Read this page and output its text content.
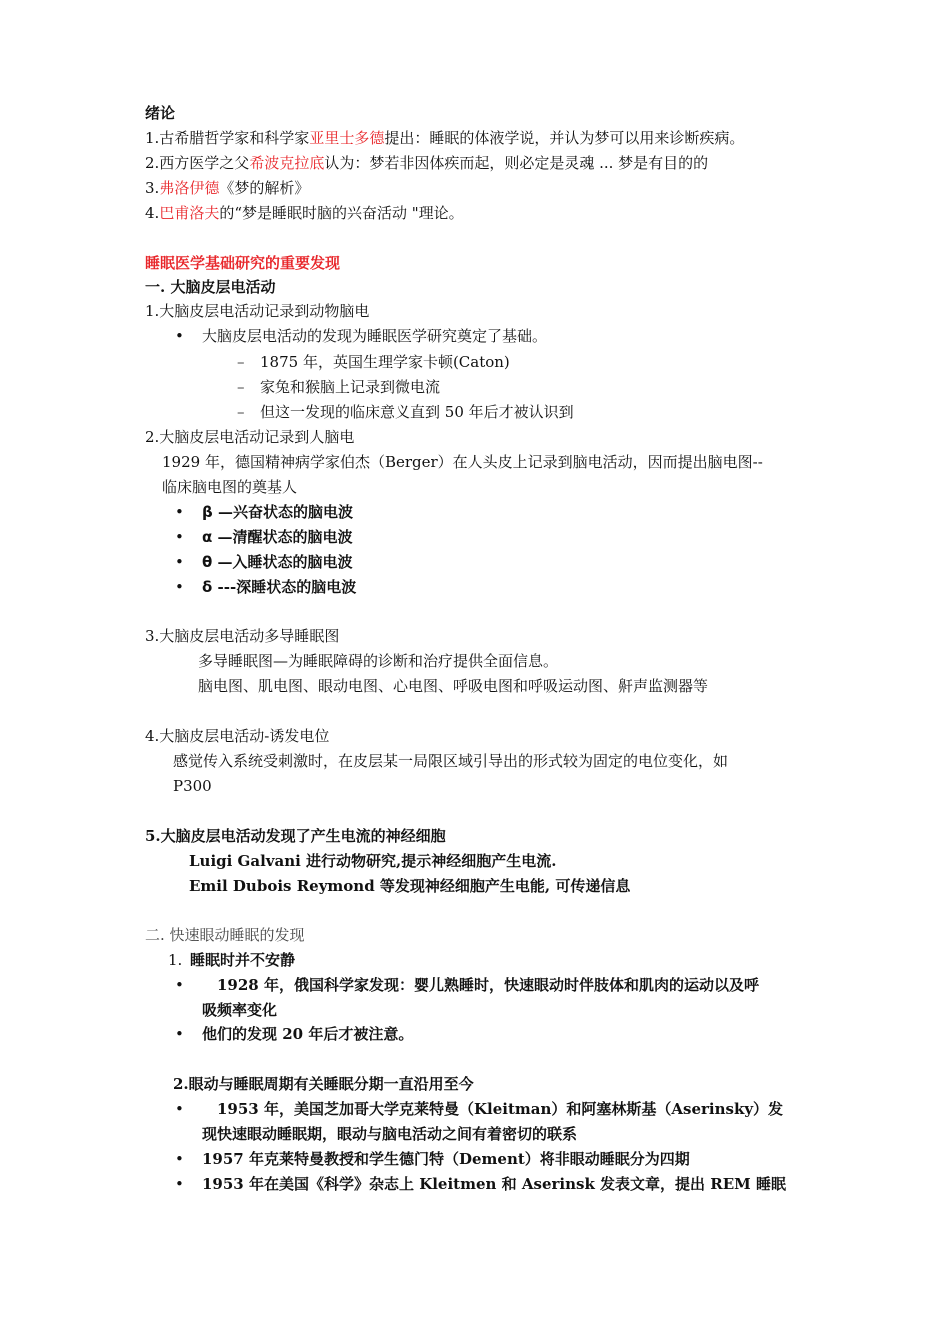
绪论
1.古希腊哲学家和科学家亚里士多德提出：睡眠的体液学说，并认为梦可以用来诊断疾病。
2.西方医学之父希波克拉底认为：梦若非因体疾而起，则必定是灵魂 ... 梦是有目的的
3.弗洛伊德《梦的解析》
4.巴甫洛夫的“梦是睡眠时脑的兴奋活动 "理论。
睡眠医学基础研究的重要发现
一. 大脑皮层电活动
1.大脑皮层电活动记录到动物脑电
• 大脑皮层电活动的发现为睡眠医学研究奠定了基础。
– 1875 年，英国生理学家卡顿(Caton)
– 家兔和猴脑上记录到微电流
– 但这一发现的临床意义直到 50 年后才被认识到
2.大脑皮层电活动记录到人脑电
1929 年，德国精神病学家伯杰（Berger）在人头皮上记录到脑电活动，因而提出脑电图--
临床脑电图的奠基人
• β —兴奋状态的脑电波
• α —清醒状态的脑电波
• θ —入睡状态的脑电波
• δ ---深睡状态的脑电波
3.大脑皮层电活动多导睡眠图
多导睡眠图—为睡眠障碍的诊断和治疗提供全面信息。
脑电图、肌电图、眼动电图、心电图、呼吸电图和呼吸运动图、鼾声监测器等
4.大脑皮层电活动-诱发电位
感觉传入系统受刺激时，在皮层某一局限区域引导出的形式较为固定的电位变化，如
P300
5.大脑皮层电活动发现了产生电流的神经细胞
Luigi Galvani 进行动物研究,提示神经细胞产生电流.
Emil Dubois Reymond 等发现神经细胞产生电能, 可传递信息
二. 快速眼动睡眠的发现
1. 睡眠时并不安静
• 1928 年，俄国科学家发现：婴儿熟睡时，快速眼动时伴肢体和肌肉的运动以及呼
吸频率变化
• 他们的发现 20 年后才被注意。
2.眼动与睡眠周期有关睡眠分期一直沿用至今
• 1953 年，美国芝加哥大学克莱特曼（Kleitman）和阿塞林斯基（Aserinsky）发
现快速眼动睡眠期，眼动与脑电活动之间有着密切的联系
• 1957 年克莱特曼教授和学生德门特（Dement）将非眼动睡眠分为四期
• 1953 年在美国《科学》杂志上 Kleitmen 和 Aserinsk 发表文章，提出 REM 睡眠
